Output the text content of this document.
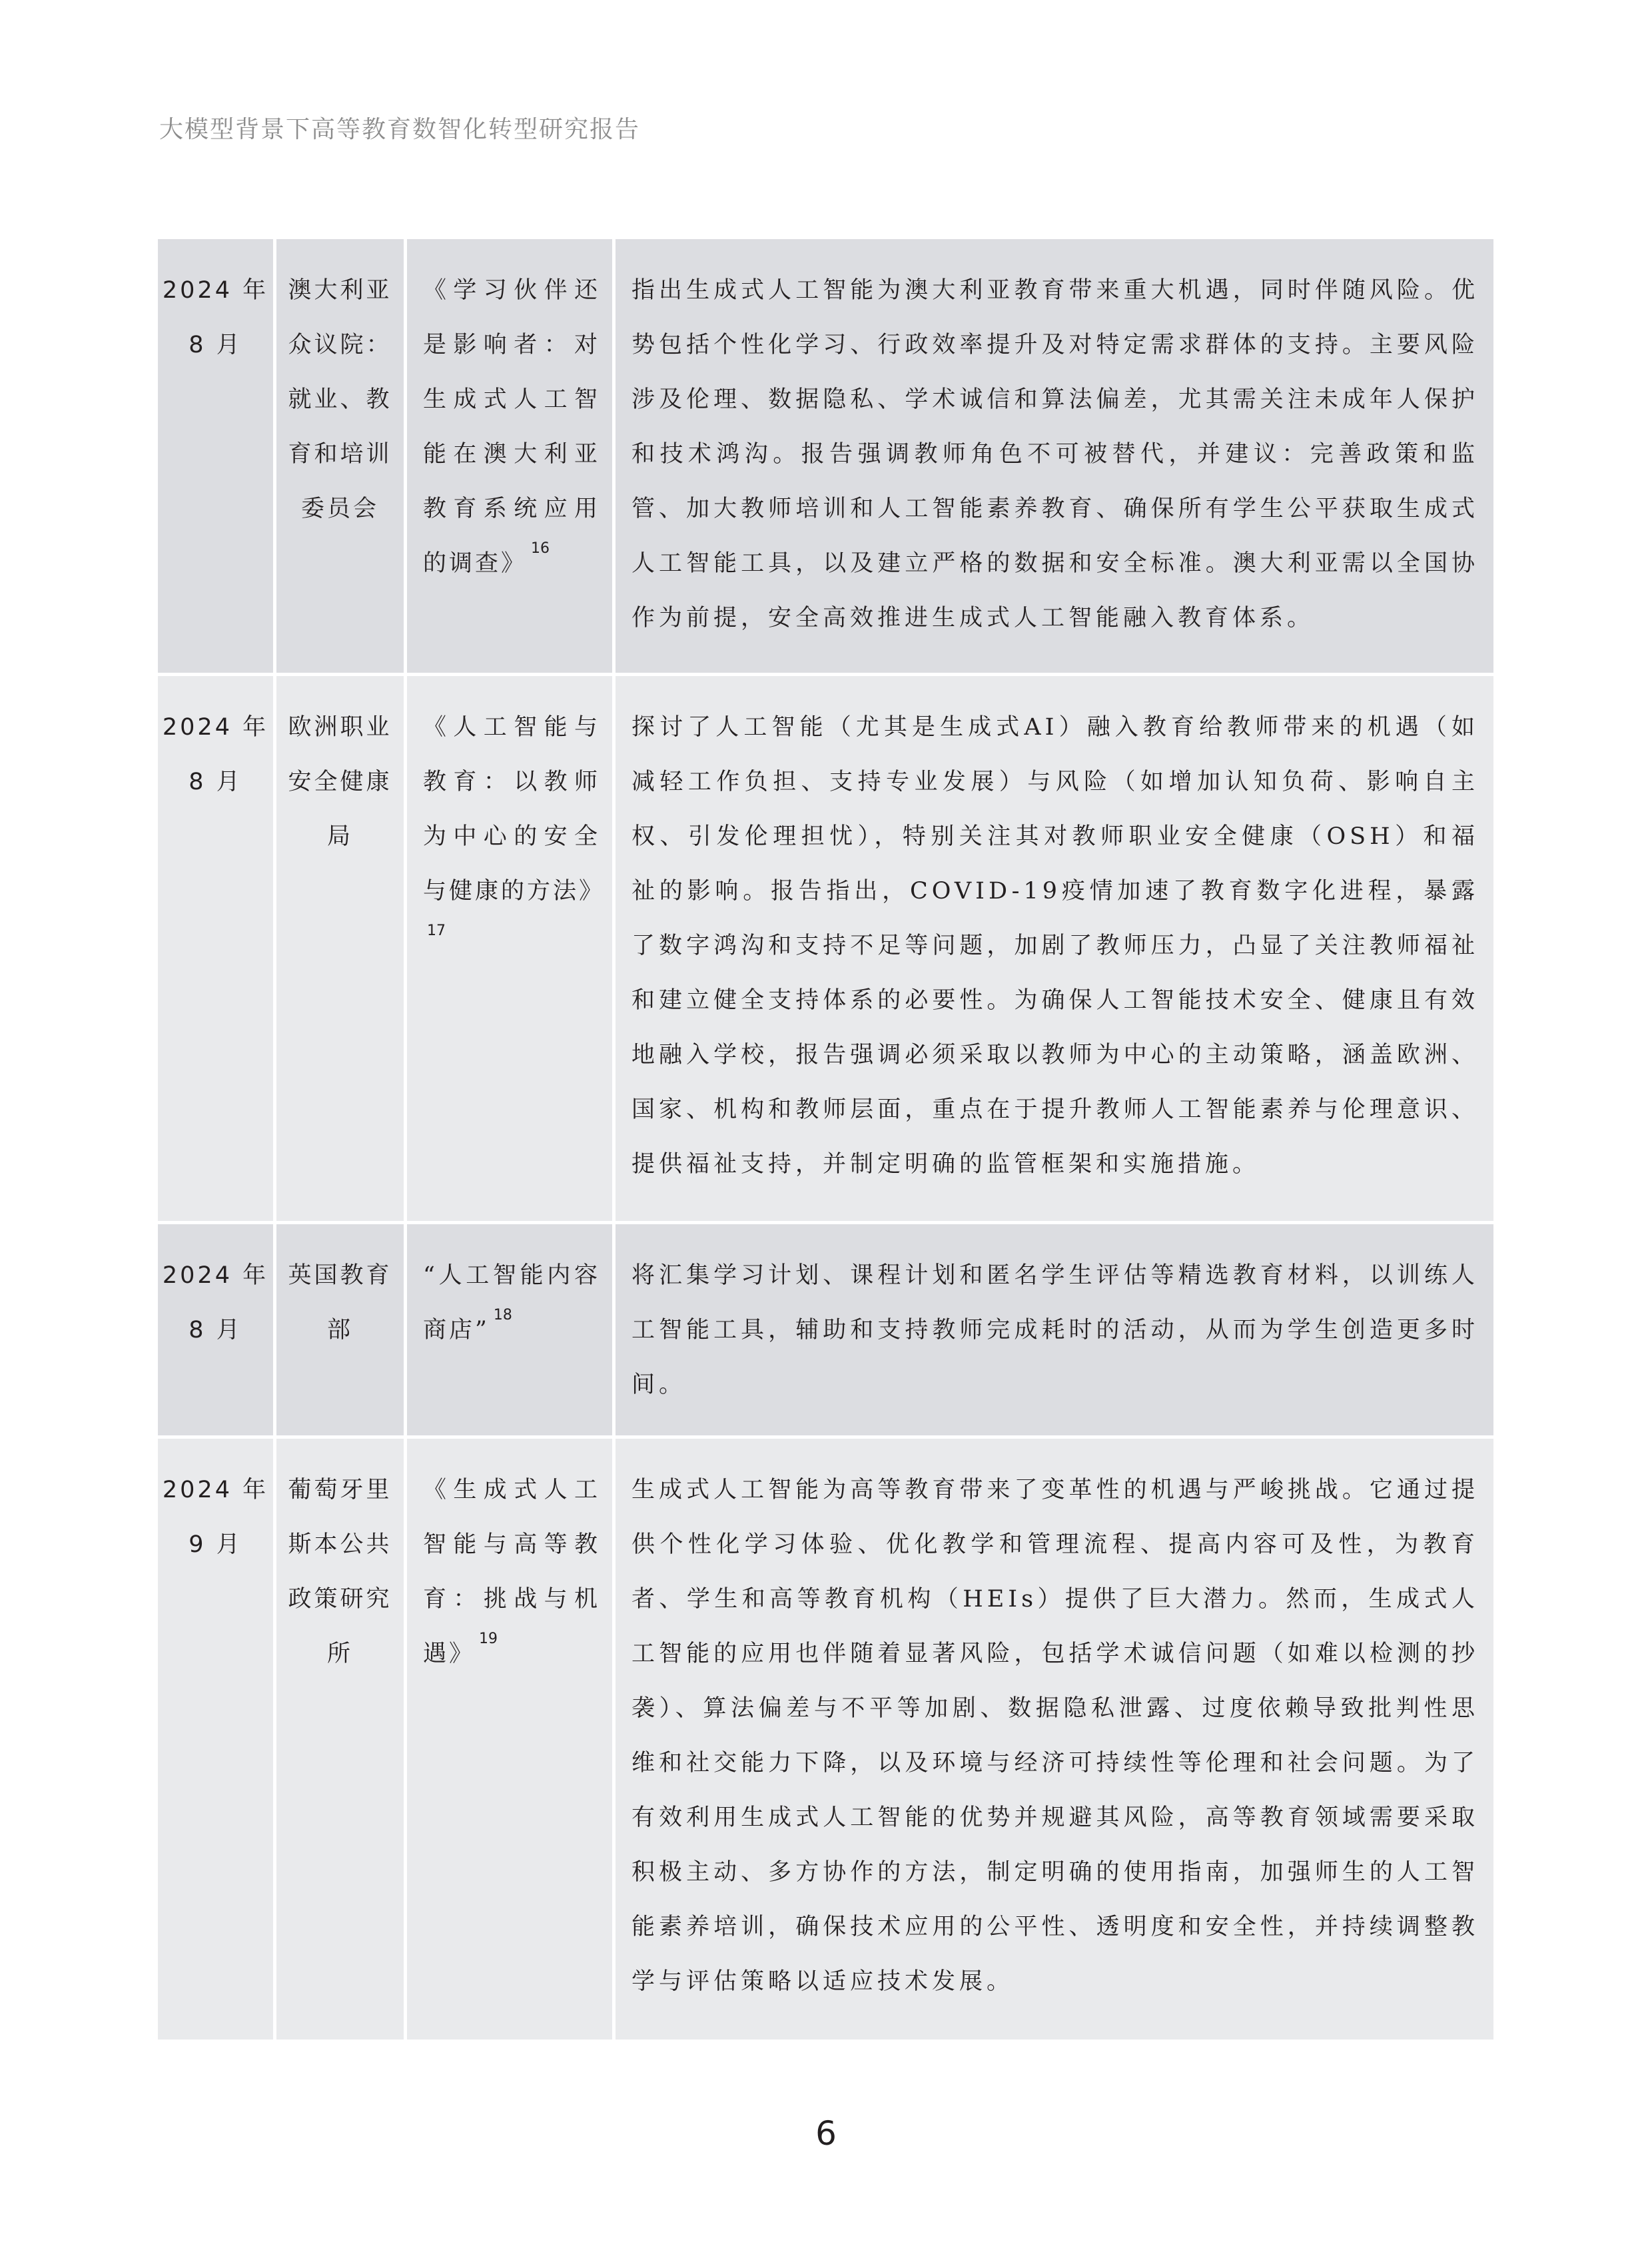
大模型背景下高等教育数智化转型研究报告
2024 年
8 月
澳大利亚众议院：就业、教育和培训委员会
《学习伙伴还是影响者：对生成式人工智能在澳大利亚教育系统应用的调查》$^{16}$
指出生成式人工智能为澳大利亚教育带来重大机遇，同时伴随风险。优势包括个性化学习、行政效率提升及对特定需求群体的支持。主要风险涉及伦理、数据隐私、学术诚信和算法偏差，尤其需关注未成年人保护和技术鸿沟。报告强调教师角色不可被替代，并建议：完善政策和监管、加大教师培训和人工智能素养教育、确保所有学生公平获取生成式人工智能工具，以及建立严格的数据和安全标准。澳大利亚需以全国协作为前提，安全高效推进生成式人工智能融入教育体系。
2024 年
8 月
欧洲职业安全健康局
《人工智能与教育：以教师为中心的安全与健康的方法》$^{17}$
探讨了人工智能（尤其是生成式AI）融入教育给教师带来的机遇（如减轻工作负担、支持专业发展）与风险（如增加认知负荷、影响自主权、引发伦理担忧），特别关注其对教师职业安全健康（OSH）和福祉的影响。报告指出，COVID-19疫情加速了教育数字化进程，暴露了数字鸿沟和支持不足等问题，加剧了教师压力，凸显了关注教师福祉和建立健全支持体系的必要性。为确保人工智能技术安全、健康且有效地融入学校，报告强调必须采取以教师为中心的主动策略，涵盖欧洲、国家、机构和教师层面，重点在于提升教师人工智能素养与伦理意识、提供福祉支持，并制定明确的监管框架和实施措施。
2024 年
8 月
英国教育部
“人工智能内容商店”$^{18}$
将汇集学习计划、课程计划和匿名学生评估等精选教育材料，以训练人工智能工具，辅助和支持教师完成耗时的活动，从而为学生创造更多时间。
2024 年
9 月
葡萄牙里斯本公共政策研究所
《生成式人工智能与高等教育：挑战与机遇》$^{19}$
生成式人工智能为高等教育带来了变革性的机遇与严峻挑战。它通过提供个性化学习体验、优化教学和管理流程、提高内容可及性，为教育者、学生和高等教育机构（HEIs）提供了巨大潜力。然而，生成式人工智能的应用也伴随着显著风险，包括学术诚信问题（如难以检测的抄袭）、算法偏差与不平等加剧、数据隐私泄露、过度依赖导致批判性思维和社交能力下降，以及环境与经济可持续性等伦理和社会问题。为了有效利用生成式人工智能的优势并规避其风险，高等教育领域需要采取积极主动、多方协作的方法，制定明确的使用指南，加强师生的人工智能素养培训，确保技术应用的公平性、透明度和安全性，并持续调整教学与评估策略以适应技术发展。
6
